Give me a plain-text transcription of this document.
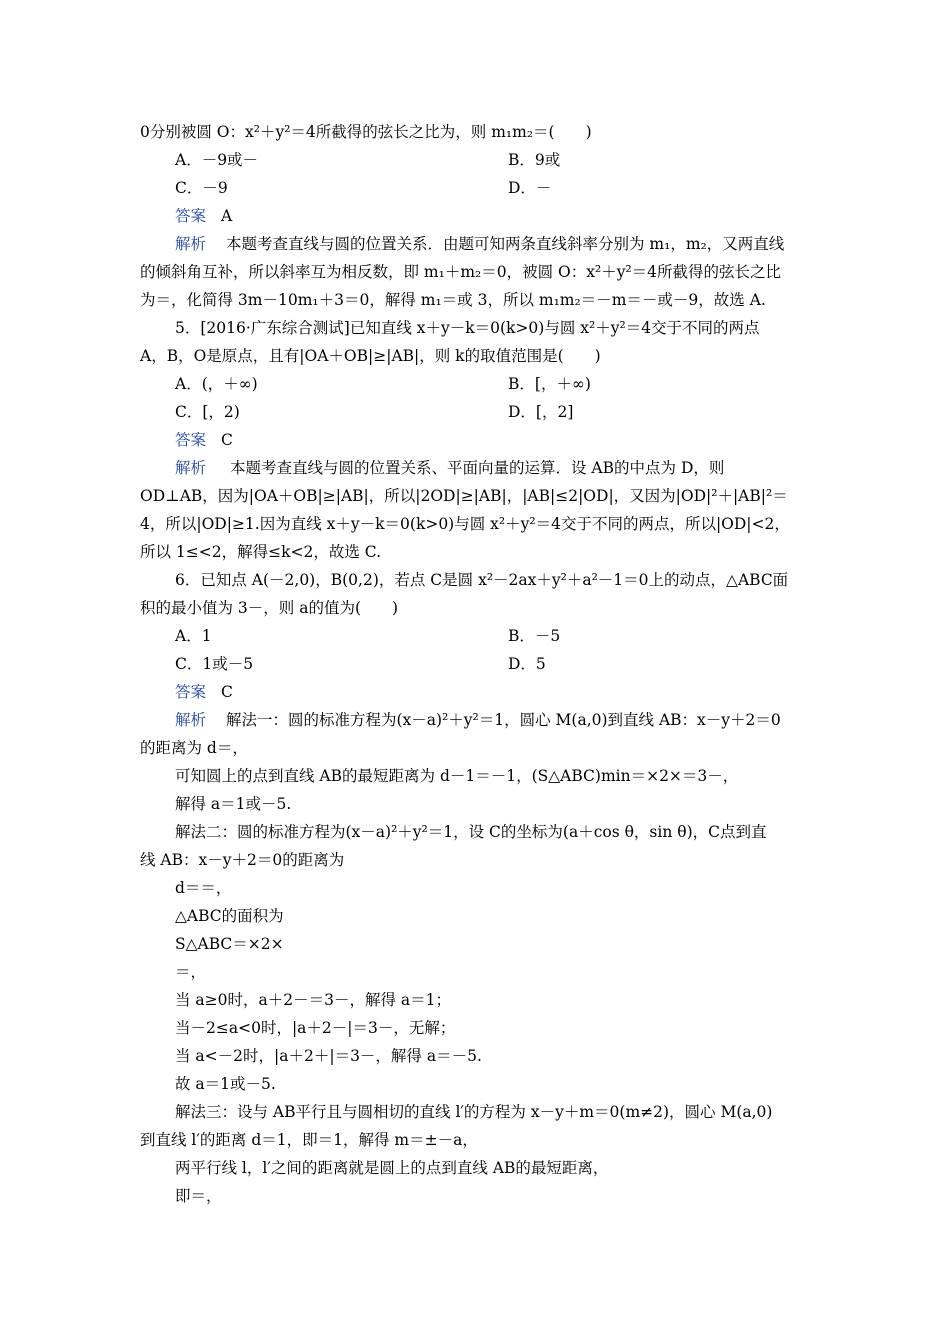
0分别被圆 O：x²＋y²＝4所截得的弦长之比为，则 m₁m₂＝(　　)
A．－9或－	B．9或
C．－9	D．－
答案 A
解析 本题考查直线与圆的位置关系．由题可知两条直线斜率分别为 m₁，m₂，又两直线
的倾斜角互补，所以斜率互为相反数，即 m₁＋m₂＝0，被圆 O：x²＋y²＝4所截得的弦长之比
为＝，化简得 3m－10m₁＋3＝0，解得 m₁＝或 3，所以 m₁m₂＝－m＝－或－9，故选 A.
5．[2016·广东综合测试]已知直线 x＋y－k＝0(k>0)与圆 x²＋y²＝4交于不同的两点
A，B，O是原点，且有|OA＋OB|≥|AB|，则 k的取值范围是(　　)
A．(，＋∞)	B．[，＋∞)
C．[，2)	D．[，2]
答案 C
解析 本题考查直线与圆的位置关系、平面向量的运算．设 AB的中点为 D，则
OD⊥AB，因为|OA＋OB|≥|AB|，所以|2OD|≥|AB|，|AB|≤2|OD|，又因为|OD|²＋|AB|²＝
4，所以|OD|≥1.因为直线 x＋y－k＝0(k>0)与圆 x²＋y²＝4交于不同的两点，所以|OD|<2，
所以 1≤<2，解得≤k<2，故选 C.
6．已知点 A(－2,0)，B(0,2)，若点 C是圆 x²－2ax＋y²＋a²－1＝0上的动点，△ABC面
积的最小值为 3－，则 a的值为(　　)
A．1	B．－5
C．1或－5	D．5
答案 C
解析 解法一：圆的标准方程为(x－a)²＋y²＝1，圆心 M(a,0)到直线 AB：x－y＋2＝0
的距离为 d＝，
可知圆上的点到直线 AB的最短距离为 d－1＝－1，(S△ABC)min＝×2×＝3－，
解得 a＝1或－5.
解法二：圆的标准方程为(x－a)²＋y²＝1，设 C的坐标为(a＋cos θ，sin θ)，C点到直
线 AB：x－y＋2＝0的距离为
d＝＝，
△ABC的面积为
S△ABC＝×2×
＝，
当 a≥0时，a＋2－＝3－，解得 a＝1；
当－2≤a<0时，|a＋2－|＝3－，无解；
当 a<－2时，|a＋2＋|＝3－，解得 a＝－5.
故 a＝1或－5.
解法三：设与 AB平行且与圆相切的直线 l′的方程为 x－y＋m＝0(m≠2)，圆心 M(a,0)
到直线 l′的距离 d＝1，即＝1，解得 m＝±－a，
两平行线 l，l′之间的距离就是圆上的点到直线 AB的最短距离，
即＝，
